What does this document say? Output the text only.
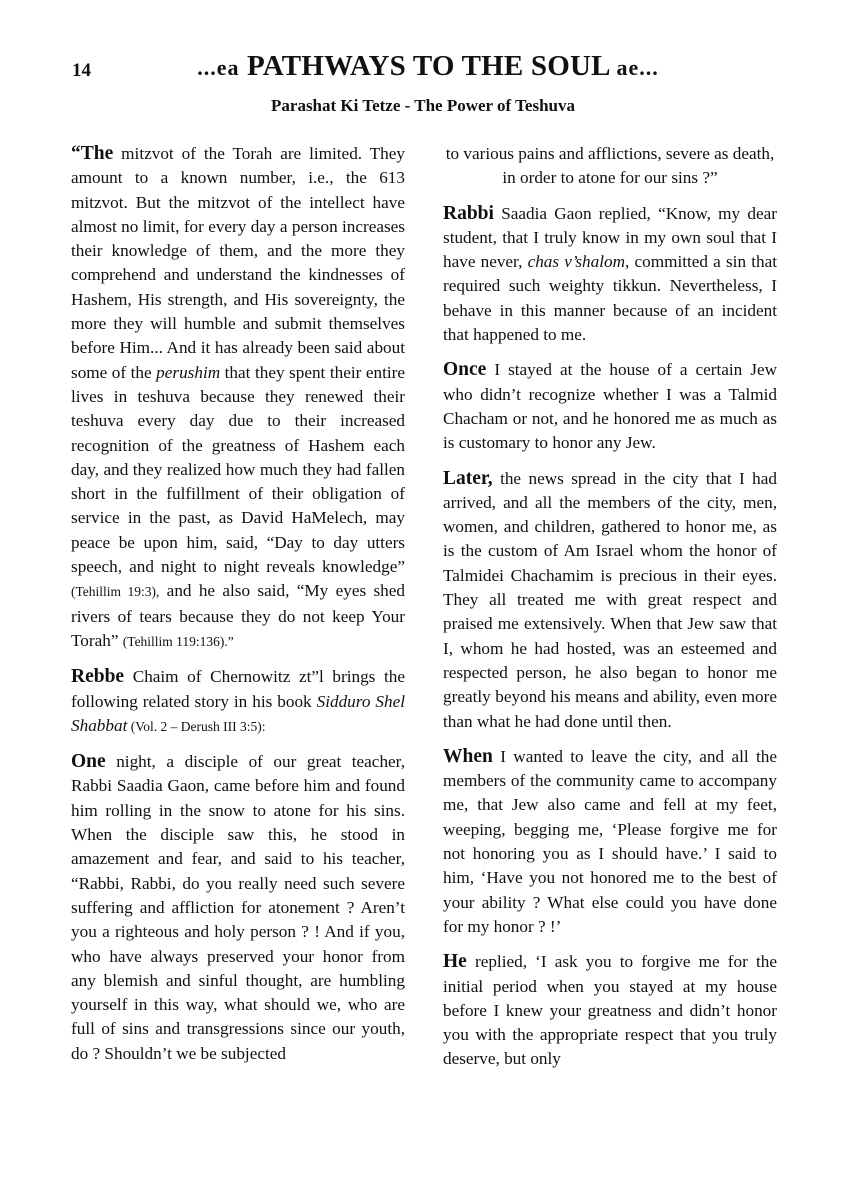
14	...ea PATHWAYS TO THE SOUL ae...
Parashat Ki Tetze - The Power of Teshuva

“The mitzvot of the Torah are limited. They amount to a known number, i.e., the 613 mitzvot. But the mitzvot of the intellect have almost no limit, for every day a person increases their knowledge of them, and the more they comprehend and understand the kindnesses of Hashem, His strength, and His sovereignty, the more they will humble and submit themselves before Him... And it has already been said about some of the perushim that they spent their entire lives in teshuva because they renewed their teshuva every day due to their increased recognition of the greatness of Hashem each day, and they realized how much they had fallen short in the fulfillment of their obligation of service in the past, as David HaMelech, may peace be upon him, said, “Day to day utters speech, and night to night reveals knowledge” (Tehillim 19:3), and he also said, “My eyes shed rivers of tears because they do not keep Your Torah” (Tehillim 119:136).”

Rebbe Chaim of Chernowitz zt”l brings the following related story in his book Sidduro Shel Shabbat (Vol. 2 – Derush III 3:5):

One night, a disciple of our great teacher, Rabbi Saadia Gaon, came before him and found him rolling in the snow to atone for his sins. When the disciple saw this, he stood in amazement and fear, and said to his teacher, “Rabbi, Rabbi, do you really need such severe suffering and affliction for atonement ? Aren’t you a righteous and holy person ? ! And if you, who have always preserved your honor from any blemish and sinful thought, are humbling yourself in this way, what should we, who are full of sins and transgressions since our youth, do ? Shouldn’t we be subjected

to various pains and afflictions, severe as death, in order to atone for our sins ?”

Rabbi Saadia Gaon replied, “Know, my dear student, that I truly know in my own soul that I have never, chas v’shalom, committed a sin that required such weighty tikkun. Nevertheless, I behave in this manner because of an incident that happened to me.

Once I stayed at the house of a certain Jew who didn’t recognize whether I was a Talmid Chacham or not, and he honored me as much as is customary to honor any Jew.

Later, the news spread in the city that I had arrived, and all the members of the city, men, women, and children, gathered to honor me, as is the custom of Am Israel whom the honor of Talmidei Chachamim is precious in their eyes. They all treated me with great respect and praised me extensively. When that Jew saw that I, whom he had hosted, was an esteemed and respected person, he also began to honor me greatly beyond his means and ability, even more than what he had done until then.

When I wanted to leave the city, and all the members of the community came to accompany me, that Jew also came and fell at my feet, weeping, begging me, ‘Please forgive me for not honoring you as I should have.’ I said to him, ‘Have you not honored me to the best of your ability ? What else could you have done for my honor ? !’

He replied, ‘I ask you to forgive me for the initial period when you stayed at my house before I knew your greatness and didn’t honor you with the appropriate respect that you truly deserve, but only
